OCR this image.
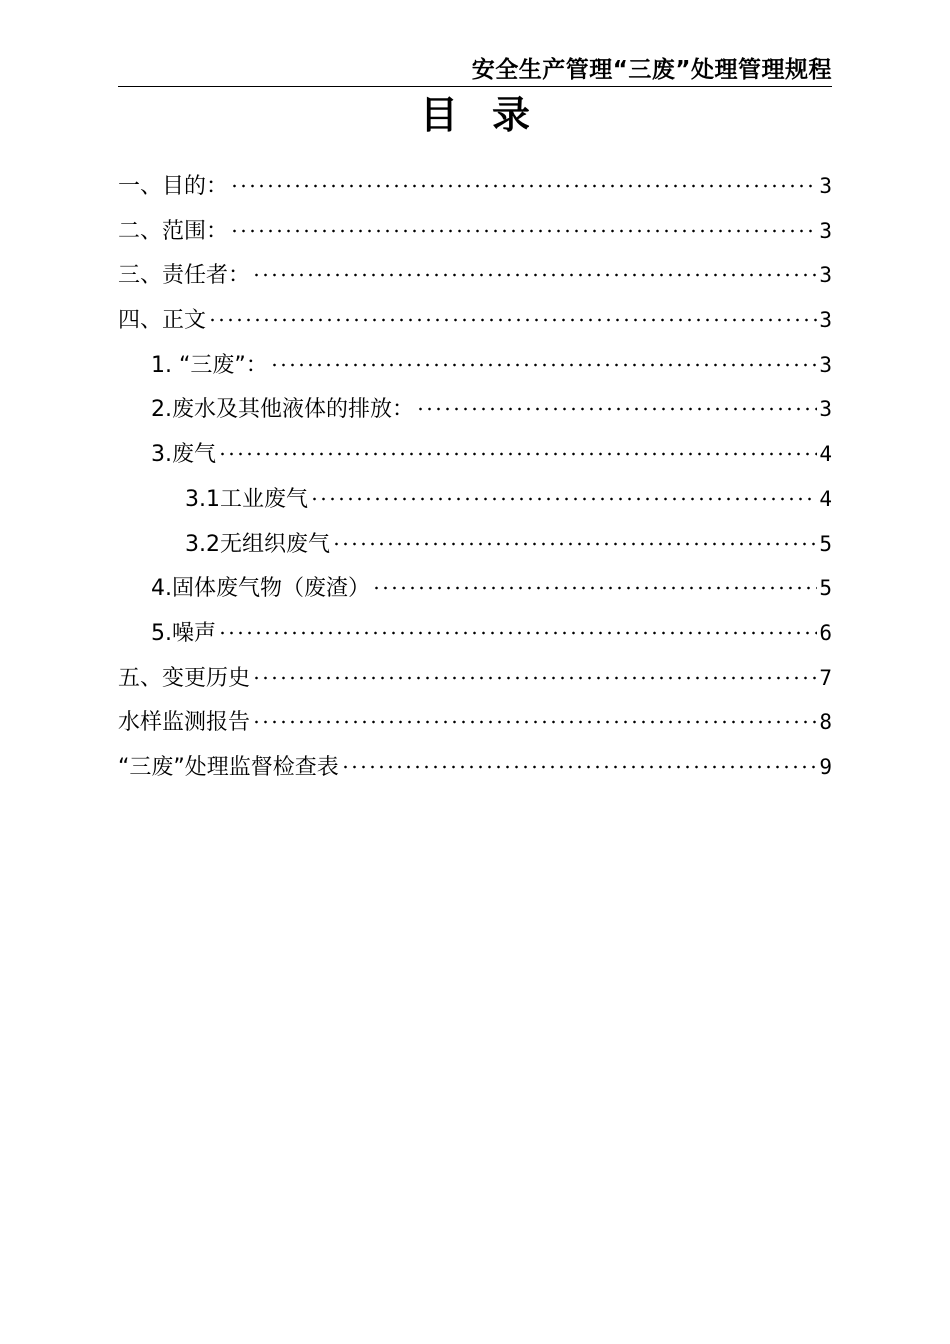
安全生产管理“三废”处理管理规程
目录
一、目的：	3
二、范围：	3
三、责任者：	3
四、正文	3
1. “三废”：	3
2.废水及其他液体的排放：	3
3.废气	4
3.1工业废气	4
3.2无组织废气	5
4.固体废气物（废渣）	5
5.噪声	6
五、变更历史	7
水样监测报告	8
“三废”处理监督检查表	9
